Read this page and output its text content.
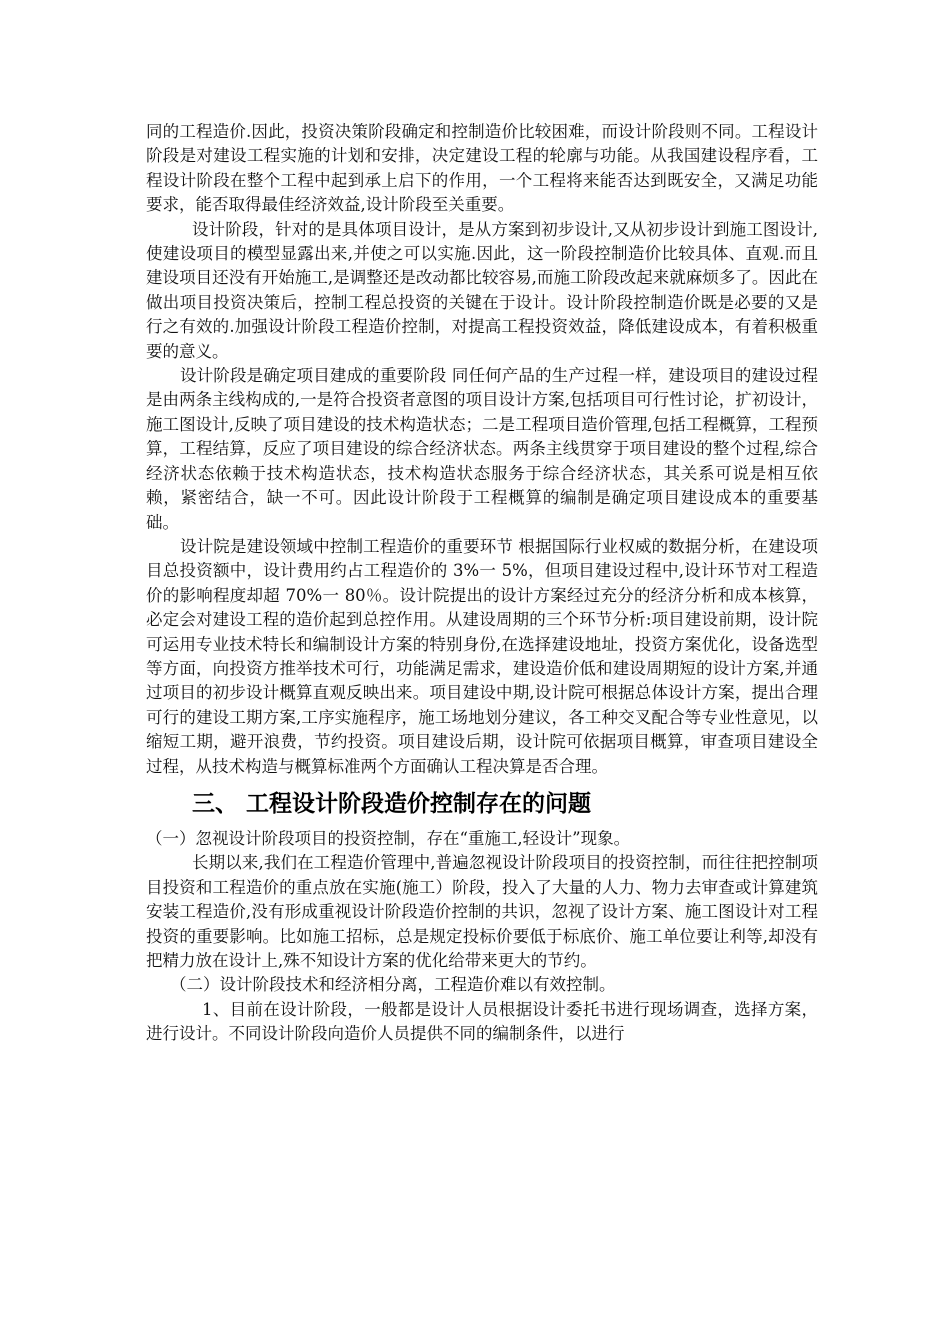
同的工程造价.因此，投资决策阶段确定和控制造价比较困难，而设计阶段则不同。工程设计阶段是对建设工程实施的计划和安排，决定建设工程的轮廓与功能。从我国建设程序看，工程设计阶段在整个工程中起到承上启下的作用，一个工程将来能否达到既安全，又满足功能要求，能否取得最佳经济效益,设计阶段至关重要。

设计阶段，针对的是具体项目设计，是从方案到初步设计,又从初步设计到施工图设计,使建设项目的模型显露出来,并使之可以实施.因此，这一阶段控制造价比较具体、直观.而且建设项目还没有开始施工,是调整还是改动都比较容易,而施工阶段改起来就麻烦多了。因此在做出项目投资决策后，控制工程总投资的关键在于设计。设计阶段控制造价既是必要的又是行之有效的.加强设计阶段工程造价控制，对提高工程投资效益，降低建设成本，有着积极重要的意义。

设计阶段是确定项目建成的重要阶段 同任何产品的生产过程一样，建设项目的建设过程是由两条主线构成的,一是符合投资者意图的项目设计方案,包括项目可行性讨论，扩初设计，施工图设计,反映了项目建设的技术构造状态；二是工程项目造价管理,包括工程概算，工程预算，工程结算，反应了项目建设的综合经济状态。两条主线贯穿于项目建设的整个过程,综合经济状态依赖于技术构造状态，技术构造状态服务于综合经济状态，其关系可说是相互依赖，紧密结合，缺一不可。因此设计阶段于工程概算的编制是确定项目建设成本的重要基础。

设计院是建设领域中控制工程造价的重要环节 根据国际行业权威的数据分析，在建设项目总投资额中，设计费用约占工程造价的 3%一 5%，但项目建设过程中,设计环节对工程造价的影响程度却超 70%一 80％。设计院提出的设计方案经过充分的经济分析和成本核算，必定会对建设工程的造价起到总控作用。从建设周期的三个环节分析:项目建设前期，设计院可运用专业技术特长和编制设计方案的特别身份,在选择建设地址，投资方案优化，设备选型等方面，向投资方推举技术可行，功能满足需求，建设造价低和建设周期短的设计方案,并通过项目的初步设计概算直观反映出来。项目建设中期,设计院可根据总体设计方案，提出合理可行的建设工期方案,工序实施程序，施工场地划分建议，各工种交叉配合等专业性意见，以缩短工期，避开浪费，节约投资。项目建设后期，设计院可依据项目概算，审查项目建设全过程，从技术构造与概算标准两个方面确认工程决算是否合理。

三、 工程设计阶段造价控制存在的问题

（一）忽视设计阶段项目的投资控制，存在“重施工,轻设计”现象。

长期以来,我们在工程造价管理中,普遍忽视设计阶段项目的投资控制，而往往把控制项目投资和工程造价的重点放在实施(施工）阶段，投入了大量的人力、物力去审查或计算建筑安装工程造价,没有形成重视设计阶段造价控制的共识，忽视了设计方案、施工图设计对工程投资的重要影响。比如施工招标，总是规定投标价要低于标底价、施工单位要让利等,却没有把精力放在设计上,殊不知设计方案的优化给带来更大的节约。

（二）设计阶段技术和经济相分离，工程造价难以有效控制。

1、目前在设计阶段，一般都是设计人员根据设计委托书进行现场调查，选择方案，进行设计。不同设计阶段向造价人员提供不同的编制条件，以进行
